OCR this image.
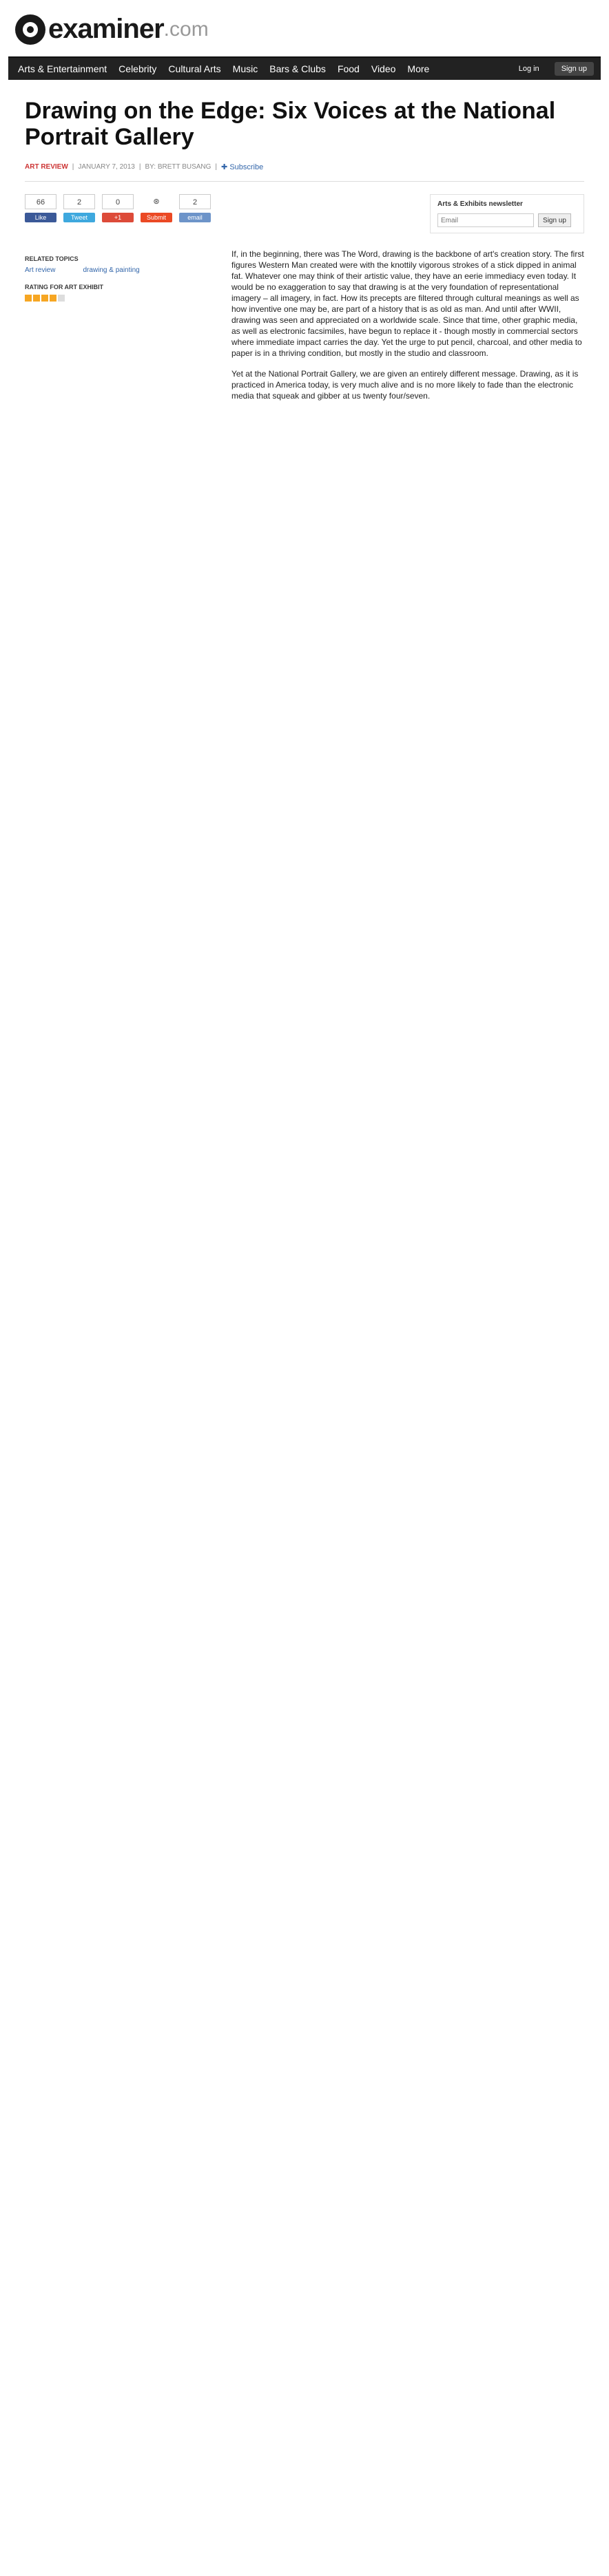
examiner .com
Arts & Entertainment Celebrity Cultural Arts Music Bars & Clubs Food Video More	Log in	Sign up
Drawing on the Edge: Six Voices at the National Portrait Gallery
ART REVIEW | JANUARY 7, 2013 | BY: BRETT BUSANG | ✚ Subscribe
66
Like
2
Tweet
0
+1
⊛
Submit
2
email
Arts & Exhibits newsletter
Email
Sign up
RELATED TOPICS
Art review	drawing & painting
RATING FOR ART EXHIBIT

If, in the beginning, there was The Word, drawing is the backbone of art's creation story. The first figures Western Man created were with the knottily vigorous strokes of a stick dipped in animal fat. Whatever one may think of their artistic value, they have an eerie immediacy even today. It would be no exaggeration to say that drawing is at the very foundation of representational imagery – all imagery, in fact. How its precepts are filtered through cultural meanings as well as how inventive one may be, are part of a history that is as old as man. And until after WWII, drawing was seen and appreciated on a worldwide scale. Since that time, other graphic media, as well as electronic facsimiles, have begun to replace it - though mostly in commercial sectors where immediate impact carries the day. Yet the urge to put pencil, charcoal, and other media to paper is in a thriving condition, but mostly in the studio and classroom.

Yet at the National Portrait Gallery, we are given an entirely different message. Drawing, as it is practiced in America today, is very much alive and is no more likely to fade than the electronic media that squeak and gibber at us twenty four/seven.
